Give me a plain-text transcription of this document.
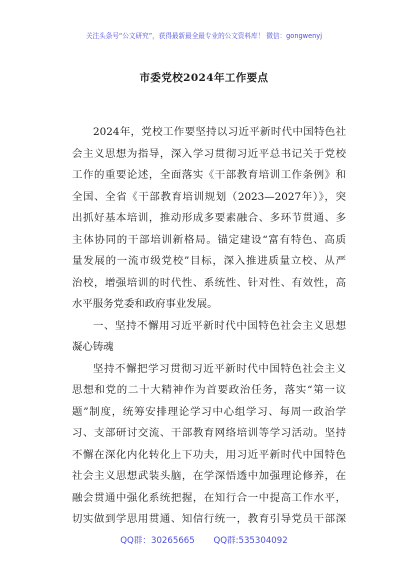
关注头条号“公文研究”，获得最新最全最专业的公文资料库！ 微信：gongwenyj
市委党校2024年工作要点
2024年，党校工作要坚持以习近平新时代中国特色社
会主义思想为指导，深入学习贯彻习近平总书记关于党校
工作的重要论述，全面落实《干部教育培训工作条例》和
全国、全省《干部教育培训规划（2023—2027年）》，突
出抓好基本培训，推动形成多要素融合、多环节贯通、多
主体协同的干部培训新格局。锚定建设“富有特色、高质
量发展的一流市级党校”目标，深入推进质量立校、从严
治校，增强培训的时代性、系统性、针对性、有效性，高
水平服务党委和政府事业发展。
一、坚持不懈用习近平新时代中国特色社会主义思想
凝心铸魂
坚持不懈把学习贯彻习近平新时代中国特色社会主义
思想和党的二十大精神作为首要政治任务，落实“第一议
题”制度，统筹安排理论学习中心组学习、每周一政治学
习、支部研讨交流、干部教育网络培训等学习活动。坚持
不懈在深化内化转化上下功夫，用习近平新时代中国特色
社会主义思想武装头脑，在学深悟透中加强理论修养，在
融会贯通中强化系统把握，在知行合一中提高工作水平，
切实做到学思用贯通、知信行统一，教育引导党员干部深
QQ群：30265665 QQ群:535304092
